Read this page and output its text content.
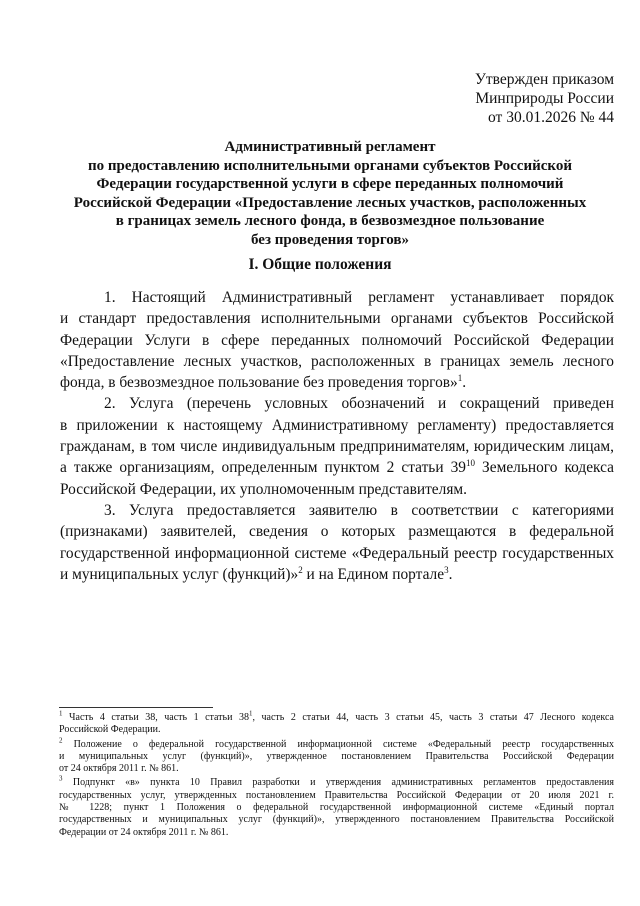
Утвержден приказом
Минприроды России
от 30.01.2026 № 44
Административный регламент
по предоставлению исполнительными органами субъектов Российской
Федерации государственной услуги в сфере переданных полномочий
Российской Федерации «Предоставление лесных участков, расположенных
в границах земель лесного фонда, в безвозмездное пользование
без проведения торгов»
I. Общие положения
1. Настоящий Административный регламент устанавливает порядок
и стандарт предоставления исполнительными органами субъектов Российской
Федерации Услуги в сфере переданных полномочий Российской Федерации
«Предоставление лесных участков, расположенных в границах земель лесного
фонда, в безвозмездное пользование без проведения торгов»$^1$.
2. Услуга (перечень условных обозначений и сокращений приведен
в приложении к настоящему Административному регламенту) предоставляется
гражданам, в том числе индивидуальным предпринимателям, юридическим лицам,
а также организациям, определенным пунктом 2 статьи $39^{10}$ Земельного кодекса
Российской Федерации, их уполномоченным представителям.
3. Услуга предоставляется заявителю в соответствии с категориями
(признаками) заявителей, сведения о которых размещаются в федеральной
государственной информационной системе «Федеральный реестр государственных
и муниципальных услуг (функций)»$^2$ и на Едином портале$^3$.
$^1$ Часть 4 статьи 38, часть 1 статьи 38$^1$, часть 2 статьи 44, часть 3 статьи 45, часть 3 статьи 47 Лесного кодекса
Российской Федерации.
$^2$ Положение о федеральной государственной информационной системе «Федеральный реестр государственных
и муниципальных услуг (функций)», утвержденное постановлением Правительства Российской Федерации
от 24 октября 2011 г. № 861.
$^3$ Подпункт «в» пункта 10 Правил разработки и утверждения административных регламентов предоставления
государственных услуг, утвержденных постановлением Правительства Российской Федерации от 20 июля 2021 г.
№ 1228; пункт 1 Положения о федеральной государственной информационной системе «Единый портал
государственных и муниципальных услуг (функций)», утвержденного постановлением Правительства Российской
Федерации от 24 октября 2011 г. № 861.
